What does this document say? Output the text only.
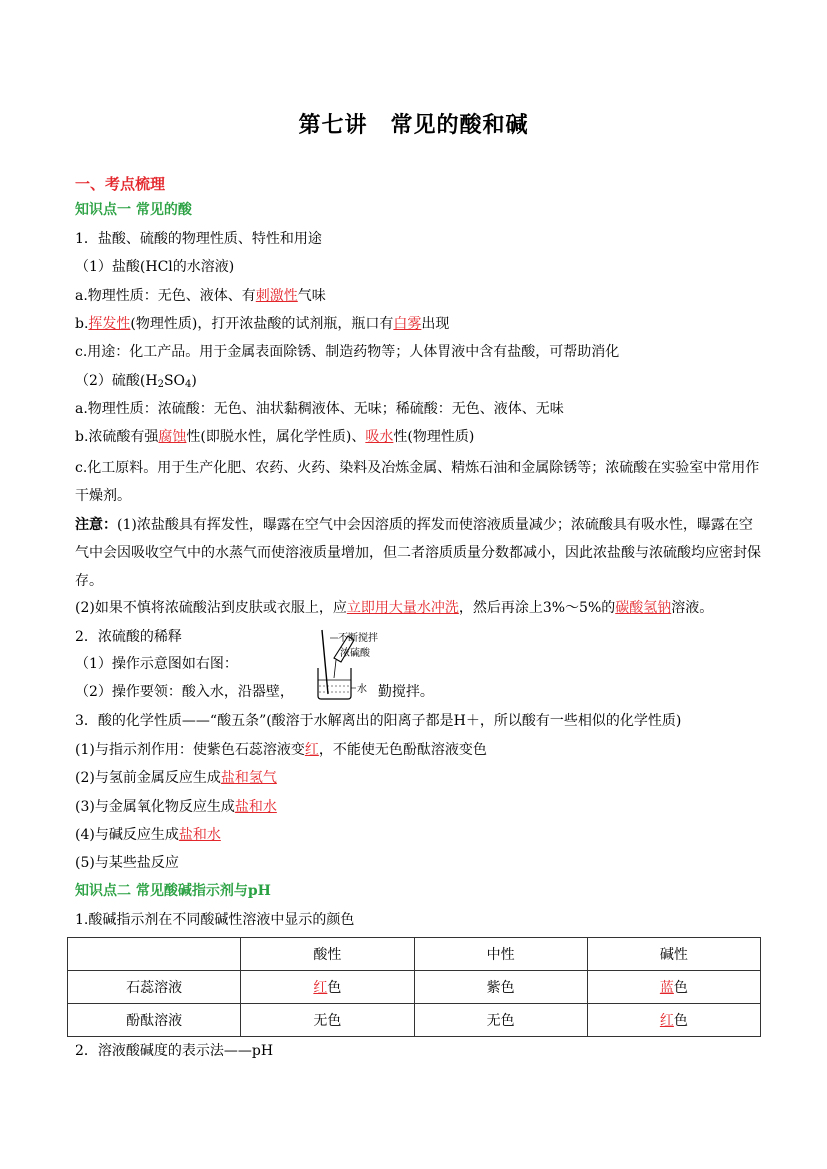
第七讲　常见的酸和碱
一、考点梳理
知识点一 常见的酸
1．盐酸、硫酸的物理性质、特性和用途
（1）盐酸(HCl的水溶液)
a.物理性质：无色、液体、有刺激性气味
b.挥发性(物理性质)，打开浓盐酸的试剂瓶，瓶口有白雾出现
c.用途：化工产品。用于金属表面除锈、制造药物等；人体胃液中含有盐酸，可帮助消化
（2）硫酸$(H_2SO_4)$
a.物理性质：浓硫酸：无色、油状黏稠液体、无味；稀硫酸：无色、液体、无味
b.浓硫酸有强腐蚀性(即脱水性，属化学性质)、吸水性(物理性质)
c.化工原料。用于生产化肥、农药、火药、染料及冶炼金属、精炼石油和金属除锈等；浓硫酸在实验室中常用作干燥剂。
注意：(1)浓盐酸具有挥发性，曝露在空气中会因溶质的挥发而使溶液质量减少；浓硫酸具有吸水性，曝露在空气中会因吸收空气中的水蒸气而使溶液质量增加，但二者溶质质量分数都减小，因此浓盐酸与浓硫酸均应密封保存。
(2)如果不慎将浓硫酸沾到皮肤或衣服上，应立即用大量水冲洗，然后再涂上3%～5%的碳酸氢钠溶液。
2．浓硫酸的稀释
（1）操作示意图如右图：
（2）操作要领：酸入水，沿器壁，	勤搅拌。
不断搅拌
浓硫酸
水
3．酸的化学性质——“酸五条”(酸溶于水解离出的阳离子都是H＋，所以酸有一些相似的化学性质)
(1)与指示剂作用：使紫色石蕊溶液变红，不能使无色酚酞溶液变色
(2)与氢前金属反应生成盐和氢气
(3)与金属氧化物反应生成盐和水
(4)与碱反应生成盐和水
(5)与某些盐反应
知识点二 常见酸碱指示剂与pH
1.酸碱指示剂在不同酸碱性溶液中显示的颜色
	酸性	中性	碱性
石蕊溶液	红色	紫色	蓝色
酚酞溶液	无色	无色	红色
2．溶液酸碱度的表示法——pH
